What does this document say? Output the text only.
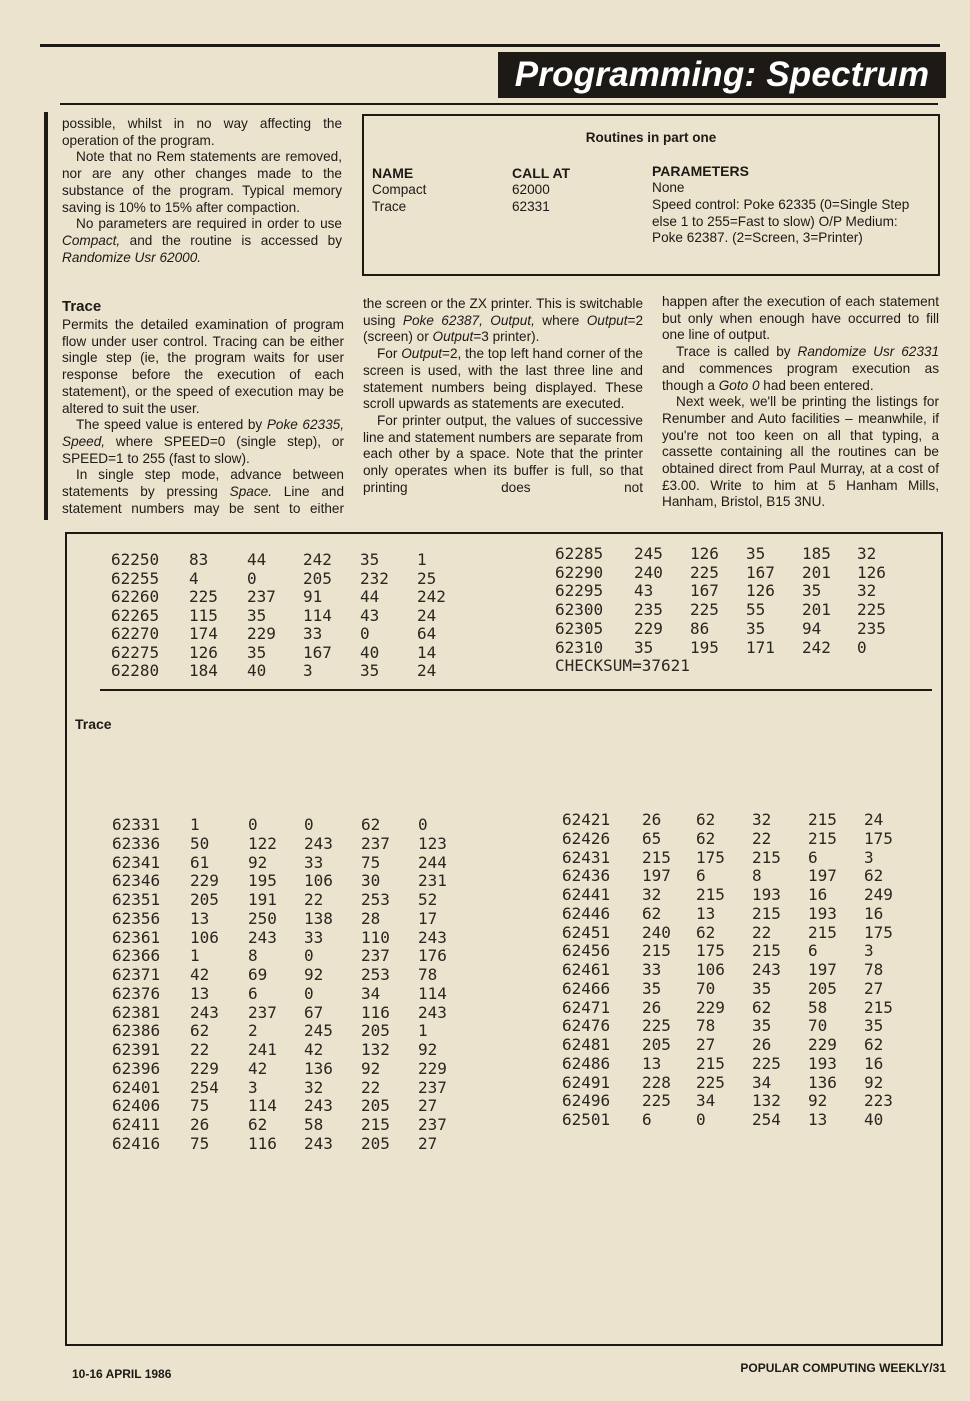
Programming: Spectrum

possible, whilst in no way affecting the operation of the program.

Note that no Rem statements are removed, nor are any other changes made to the substance of the program. Typical memory saving is 10% to 15% after compaction.

No parameters are required in order to use Compact, and the routine is accessed by Randomize Usr 62000.

Routines in part one
NAME	CALL AT	PARAMETERS
Compact	62000	None
Trace	62331	Speed control: Poke 62335 (0=Single Step else 1 to 255=Fast to slow) O/P Medium: Poke 62387. (2=Screen, 3=Printer)
Trace

Permits the detailed examination of program flow under user control. Tracing can be either single step (ie, the program waits for user response before the execution of each statement), or the speed of execution may be altered to suit the user.

The speed value is entered by Poke 62335, Speed, where SPEED=0 (single step), or SPEED=1 to 255 (fast to slow).

In single step mode, advance between statements by pressing Space. Line and statement numbers may be sent to either

the screen or the ZX printer. This is switchable using Poke 62387, Output, where Output=2 (screen) or Output=3 printer).

For Output=2, the top left hand corner of the screen is used, with the last three line and statement numbers being displayed. These scroll upwards as statements are executed.

For printer output, the values of successive line and statement numbers are separate from each other by a space. Note that the printer only operates when its buffer is full, so that printing does not

happen after the execution of each statement but only when enough have occurred to fill one line of output.

Trace is called by Randomize Usr 62331 and commences program execution as though a Goto 0 had been entered.

Next week, we'll be printing the listings for Renumber and Auto facilities – meanwhile, if you're not too keen on all that typing, a cassette containing all the routines can be obtained direct from Paul Murray, at a cost of £3.00. Write to him at 5 Hanham Mills, Hanham, Bristol, B15 3NU.

Trace
62250 83 44 242 35 1
62255 4	0	205 232 25
62260 225 237 91 44 242
62265 115 35 114 43 24
62270 174 229 33 0	64
62275 126 35 167 40 14
62280 184 40 3	35 24
62285 245 126 35 185 32
62290 240 225 167 201 126
62295 43 167 126 35 32
62300 235 225 55 201 225
62305 229 86 35 94 235
62310 35 195 171 242 0
CHECKSUM=37621
62331 1	0	0	62 0
62336 50 122 243 237 123
62341 61 92 33 75 244
62346 229 195 106 30 231
62351 205 191 22 253 52
62356 13 250 138 28 17
62361 106 243 33 110 243
62366 1	8	0	237 176
62371 42 69 92 253 78
62376 13 6	0	34 114
62381 243 237 67 116 243
62386 62 2	245 205 1
62391 22 241 42 132 92
62396 229 42 136 92 229
62401 254 3	32 22 237
62406 75 114 243 205 27
62411 26 62 58 215 237
62416 75 116 243 205 27
62421 26 62 32 215 24
62426 65 62 22 215 175
62431 215 175 215 6	3
62436 197 6	8	197 62
62441 32 215 193 16 249
62446 62 13 215 193 16
62451 240 62 22 215 175
62456 215 175 215 6	3
62461 33 106 243 197 78
62466 35 70 35 205 27
62471 26 229 62 58 215
62476 225 78 35 70 35
62481 205 27 26 229 62
62486 13 215 225 193 16
62491 228 225 34 136 92
62496 225 34 132 92 223
62501 6	0	254 13 40
10-16 APRIL 1986	POPULAR COMPUTING WEEKLY/31
